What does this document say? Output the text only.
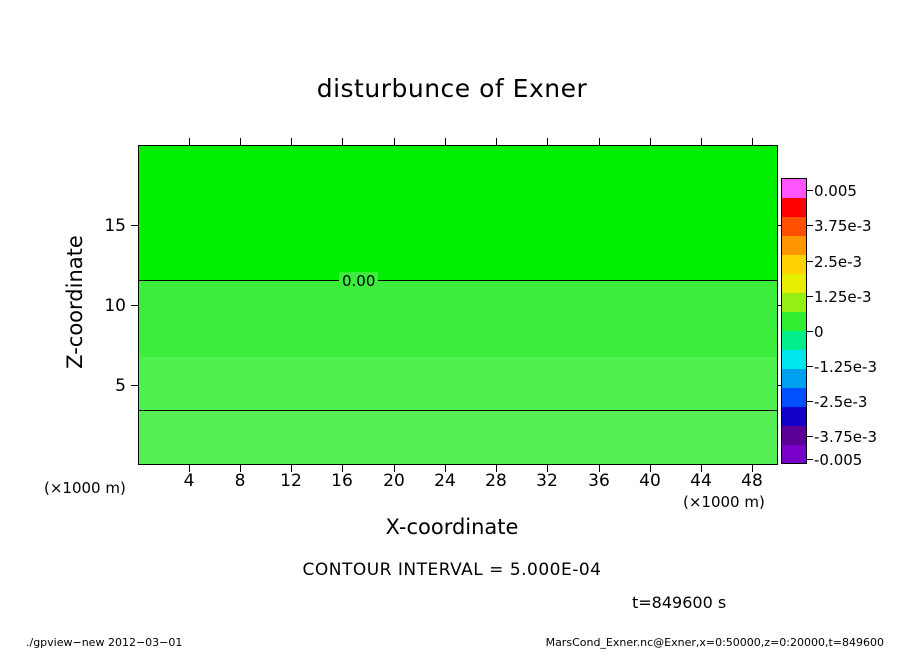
disturbunce of Exner
0.00
4	8	12	16	20	24	28	32	36	40	44	48
5
10
15
Z-coordinate
X-coordinate
(×1000 m)
(×1000 m)
0.005
3.75e-3
2.5e-3
1.25e-3
0
-1.25e-3
-2.5e-3
-3.75e-3
-0.005
CONTOUR INTERVAL = 5.000E-04
t=849600 s
./gpview−new 2012−03−01	MarsCond_Exner.nc@Exner,x=0:50000,z=0:20000,t=849600
